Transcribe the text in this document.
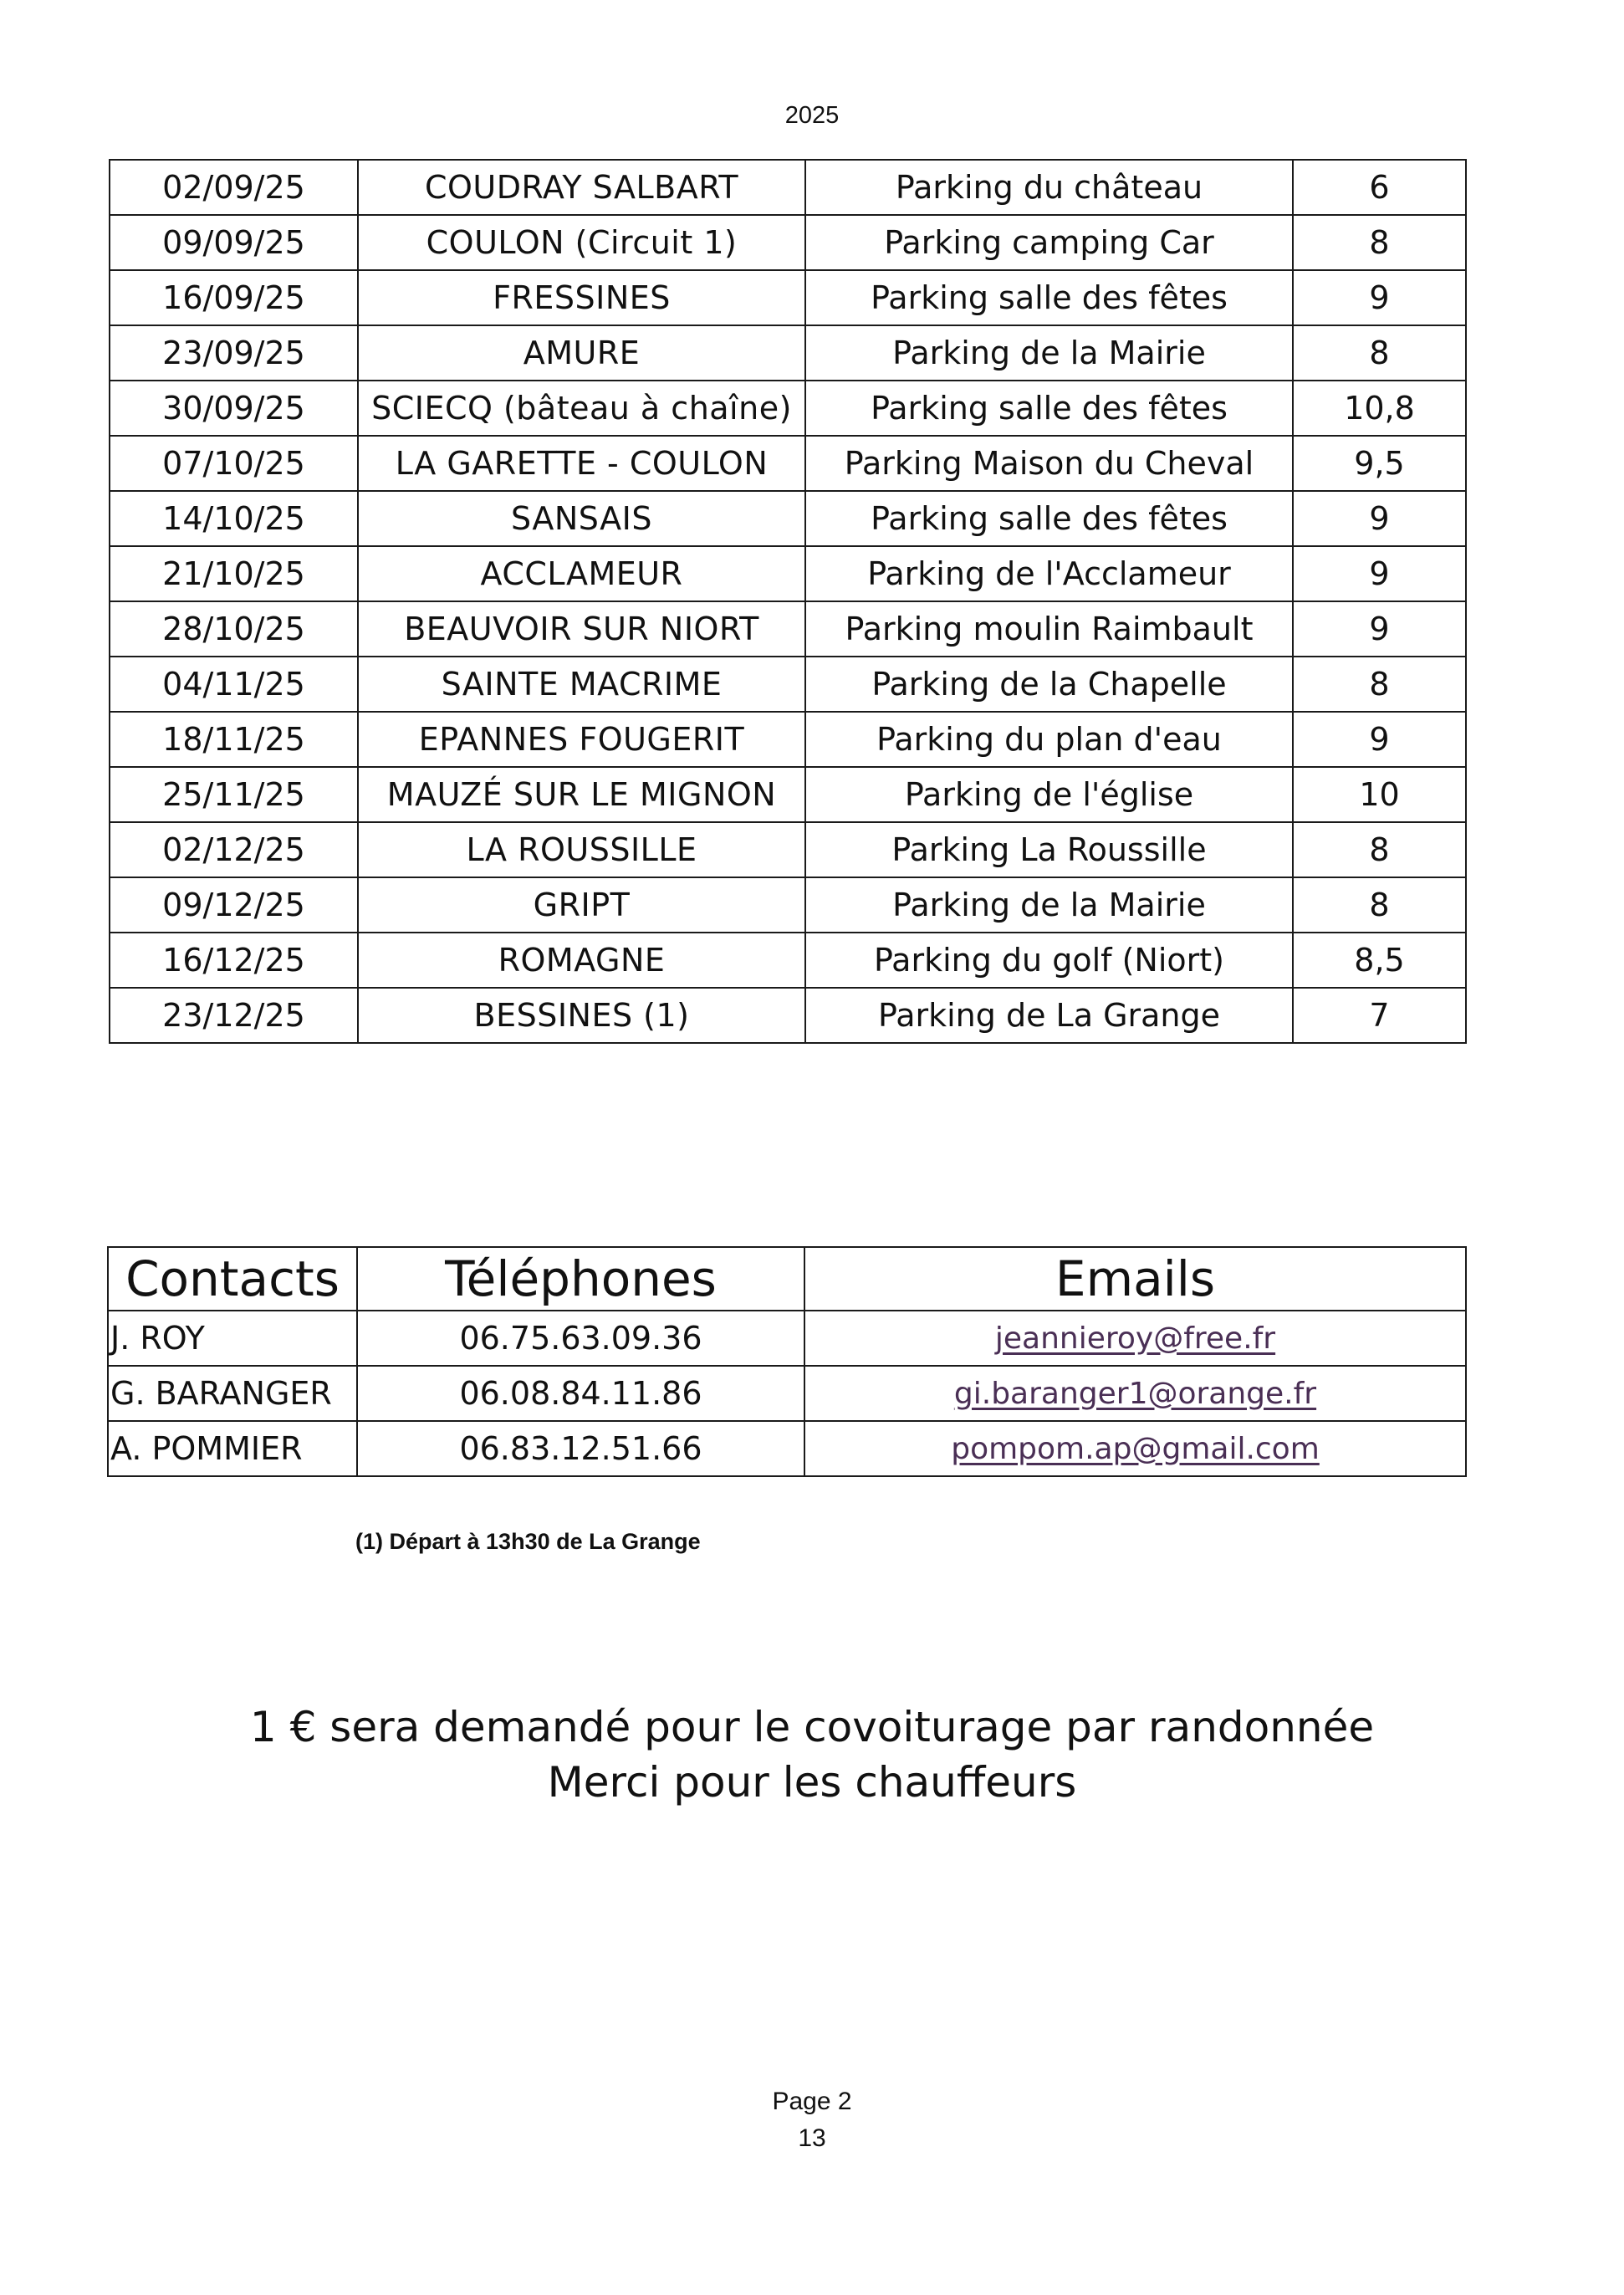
2025
02/09/25	COUDRAY SALBART	Parking du château	6
09/09/25	COULON (Circuit 1)	Parking camping Car	8
16/09/25	FRESSINES	Parking salle des fêtes	9
23/09/25	AMURE	Parking de la Mairie	8
30/09/25	SCIECQ (bâteau à chaîne)	Parking salle des fêtes	10,8
07/10/25	LA GARETTE - COULON	Parking Maison du Cheval	9,5
14/10/25	SANSAIS	Parking salle des fêtes	9
21/10/25	ACCLAMEUR	Parking de l'Acclameur	9
28/10/25	BEAUVOIR SUR NIORT	Parking moulin Raimbault	9
04/11/25	SAINTE MACRIME	Parking de la Chapelle	8
18/11/25	EPANNES FOUGERIT	Parking du plan d'eau	9
25/11/25	MAUZÉ SUR LE MIGNON	Parking de l'église	10
02/12/25	LA ROUSSILLE	Parking La Roussille	8
09/12/25	GRIPT	Parking de la Mairie	8
16/12/25	ROMAGNE	Parking du golf (Niort)	8,5
23/12/25	BESSINES (1)	Parking de La Grange	7
Contacts	Téléphones	Emails
J. ROY	06.75.63.09.36	jeannieroy@free.fr
G. BARANGER	06.08.84.11.86	gi.baranger1@orange.fr
A. POMMIER	06.83.12.51.66	pompom.ap@gmail.com
(1) Départ à 13h30 de La Grange
1 € sera demandé pour le covoiturage par randonnée
Merci pour les chauffeurs
Page 2
13
